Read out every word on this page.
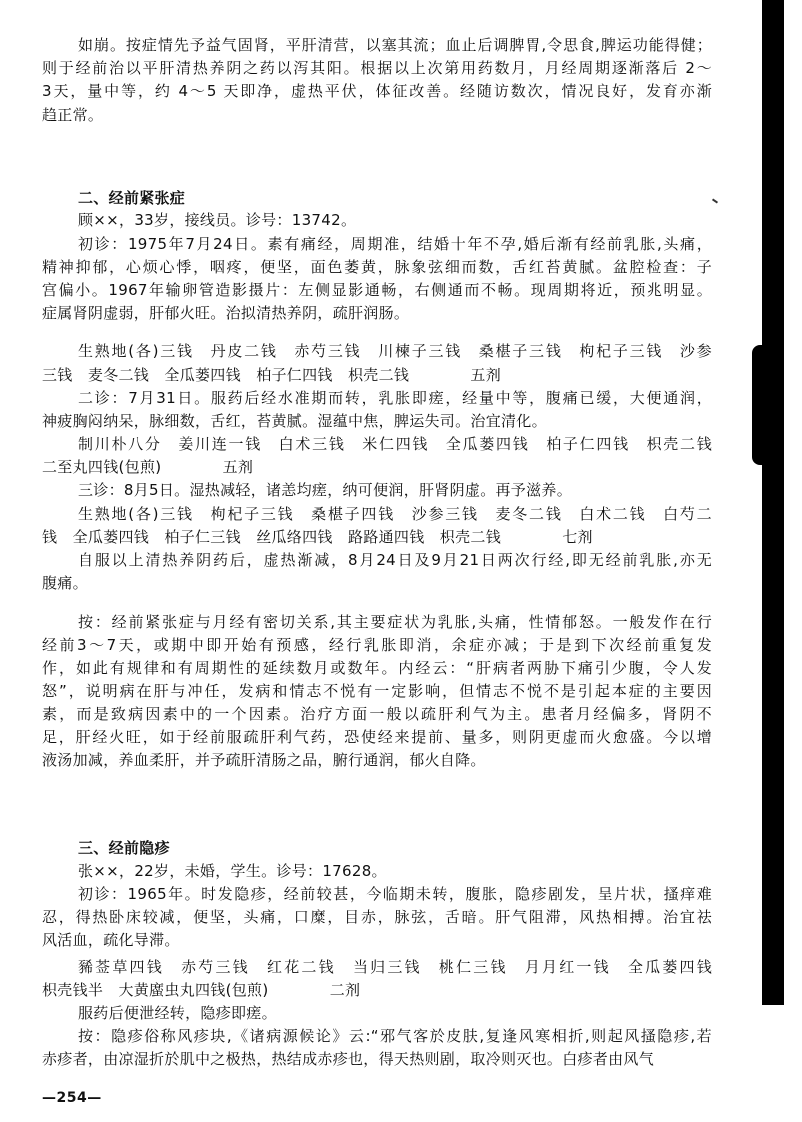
如崩。按症情先予益气固肾，平肝清营，以塞其流；血止后调脾胃,令思食,脾运功能得健；
则于经前治以平肝清热养阴之药以泻其阳。根据以上次第用药数月，月经周期逐渐落后 2～
3天，量中等，约 4～5 天即净，虚热平伏，体征改善。经随访数次，情况良好，发育亦渐
趋正常。
二、经前紧张症
顾××，33岁，接线员。诊号：13742。
初诊：1975年7月24日。素有痛经，周期准，结婚十年不孕,婚后渐有经前乳胀,头痛，
精神抑郁，心烦心悸，咽疼，便坚，面色萎黄，脉象弦细而数，舌红苔黄腻。盆腔检查：子
宫偏小。1967年输卵管造影摄片：左侧显影通畅，右侧通而不畅。现周期将近，预兆明显。
症属肾阴虚弱，肝郁火旺。治拟清热养阴，疏肝润肠。
生熟地(各)三钱　丹皮二钱　赤芍三钱　川楝子三钱　桑椹子三钱　枸杞子三钱　沙参
三钱　麦冬二钱　全瓜蒌四钱　柏子仁四钱　枳壳二钱　　　　五剂
二诊：7月31日。服药后经水准期而转，乳胀即瘥，经量中等，腹痛已缓，大便通润，
神疲胸闷纳呆，脉细数，舌红，苔黄腻。湿蕴中焦，脾运失司。治宜清化。
制川朴八分　姜川连一钱　白术三钱　米仁四钱　全瓜蒌四钱　柏子仁四钱　枳壳二钱
二至丸四钱(包煎)　　　　五剂
三诊：8月5日。湿热减轻，诸恙均瘥，纳可便润，肝肾阴虚。再予滋养。
生熟地(各)三钱　枸杞子三钱　桑椹子四钱　沙参三钱　麦冬二钱　白术二钱　白芍二
钱　全瓜蒌四钱　柏子仁三钱　丝瓜络四钱　路路通四钱　枳壳二钱　　　　七剂
自服以上清热养阴药后，虚热渐减，8月24日及9月21日两次行经,即无经前乳胀,亦无
腹痛。
按：经前紧张症与月经有密切关系,其主要症状为乳胀,头痛，性情郁怒。一般发作在行
经前3～7天，或期中即开始有预感，经行乳胀即消，余症亦减；于是到下次经前重复发
作，如此有规律和有周期性的延续数月或数年。内经云：“肝病者两胁下痛引少腹，令人发
怒”，说明病在肝与冲任，发病和情志不悦有一定影响，但情志不悦不是引起本症的主要因
素，而是致病因素中的一个因素。治疗方面一般以疏肝利气为主。患者月经偏多，肾阴不
足，肝经火旺，如于经前服疏肝利气药，恐使经来提前、量多，则阴更虚而火愈盛。今以增
液汤加减，养血柔肝，并予疏肝清肠之品，腑行通润，郁火自降。
三、经前隐疹
张××，22岁，未婚，学生。诊号：17628。
初诊：1965年。时发隐疹，经前较甚，今临期未转，腹胀，隐疹剧发，呈片状，搔痒难
忍，得热卧床较减，便坚，头痛，口糜，目赤，脉弦，舌暗。肝气阻滞，风热相搏。治宜祛
风活血，疏化导滞。
豨莶草四钱　赤芍三钱　红花二钱　当归三钱　桃仁三钱　月月红一钱　全瓜蒌四钱
枳壳钱半　大黄䗪虫丸四钱(包煎)　　　　二剂
服药后便泄经转，隐疹即瘥。
按：隐疹俗称风疹块,《诸病源候论》云:“邪气客於皮肤,复逢风寒相折,则起风搔隐疹,若
赤疹者，由凉湿折於肌中之极热，热结成赤疹也，得天热则剧，取冷则灭也。白疹者由风气
—254—
